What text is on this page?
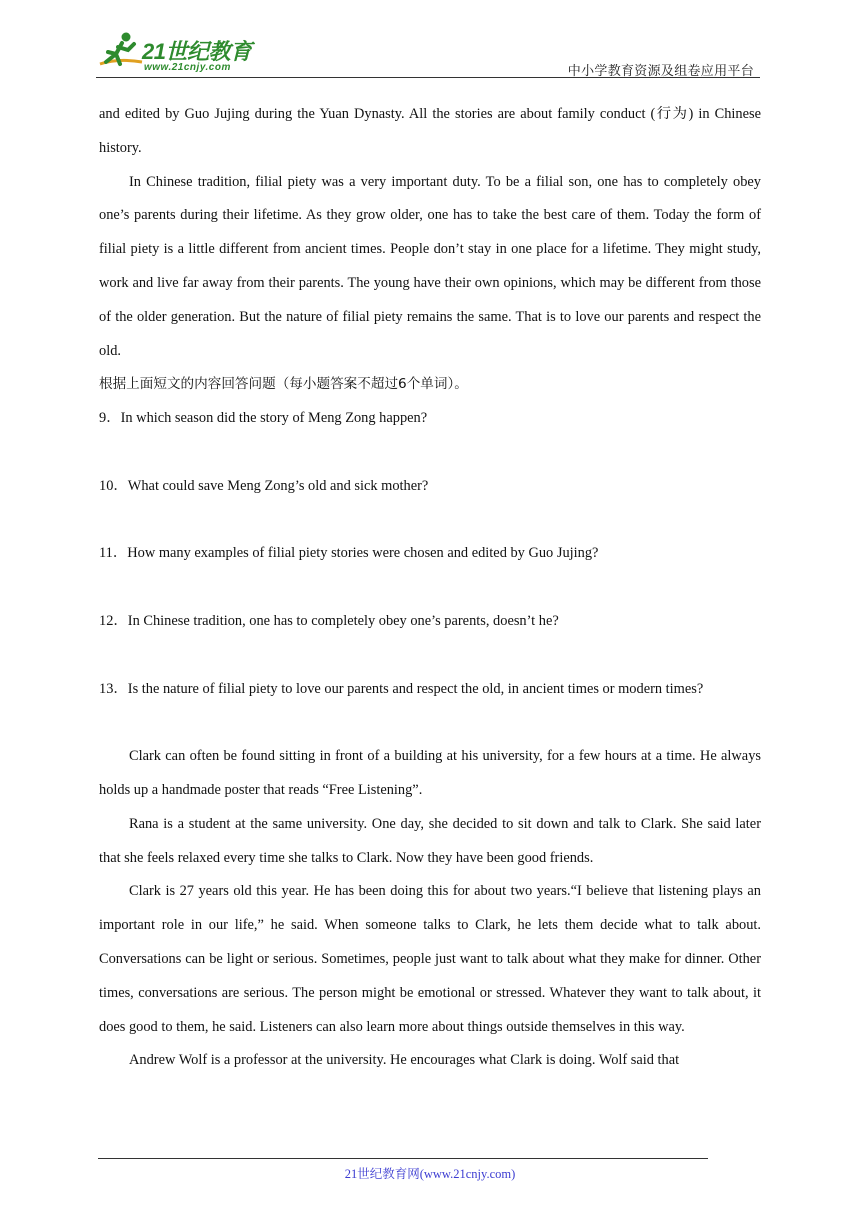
21世纪教育
www.21cnjy.com	中小学教育资源及组卷应用平台

and edited by Guo Jujing during the Yuan Dynasty. All the stories are about family conduct (行为) in Chinese history.

In Chinese tradition, filial piety was a very important duty. To be a filial son, one has to completely obey one’s parents during their lifetime. As they grow older, one has to take the best care of them. Today the form of filial piety is a little different from ancient times. People don’t stay in one place for a lifetime. They might study, work and live far away from their parents. The young have their own opinions, which may be different from those of the older generation. But the nature of filial piety remains the same. That is to love our parents and respect the old.

根据上面短文的内容回答问题（每小题答案不超过6个单词）。

9．In which season did the story of Meng Zong happen?

10．What could save Meng Zong’s old and sick mother?

11．How many examples of filial piety stories were chosen and edited by Guo Jujing?

12．In Chinese tradition, one has to completely obey one’s parents, doesn’t he?

13．Is the nature of filial piety to love our parents and respect the old, in ancient times or modern times?

Clark can often be found sitting in front of a building at his university, for a few hours at a time. He always holds up a handmade poster that reads “Free Listening”.

Rana is a student at the same university. One day, she decided to sit down and talk to Clark. She said later that she feels relaxed every time she talks to Clark. Now they have been good friends.

Clark is 27 years old this year. He has been doing this for about two years.“I believe that listening plays an important role in our life,” he said. When someone talks to Clark, he lets them decide what to talk about. Conversations can be light or serious. Sometimes, people just want to talk about what they make for dinner. Other times, conversations are serious. The person might be emotional or stressed. Whatever they want to talk about, it does good to them, he said. Listeners can also learn more about things outside themselves in this way.

Andrew Wolf is a professor at the university. He encourages what Clark is doing. Wolf said that

21世纪教育网(www.21cnjy.com)
